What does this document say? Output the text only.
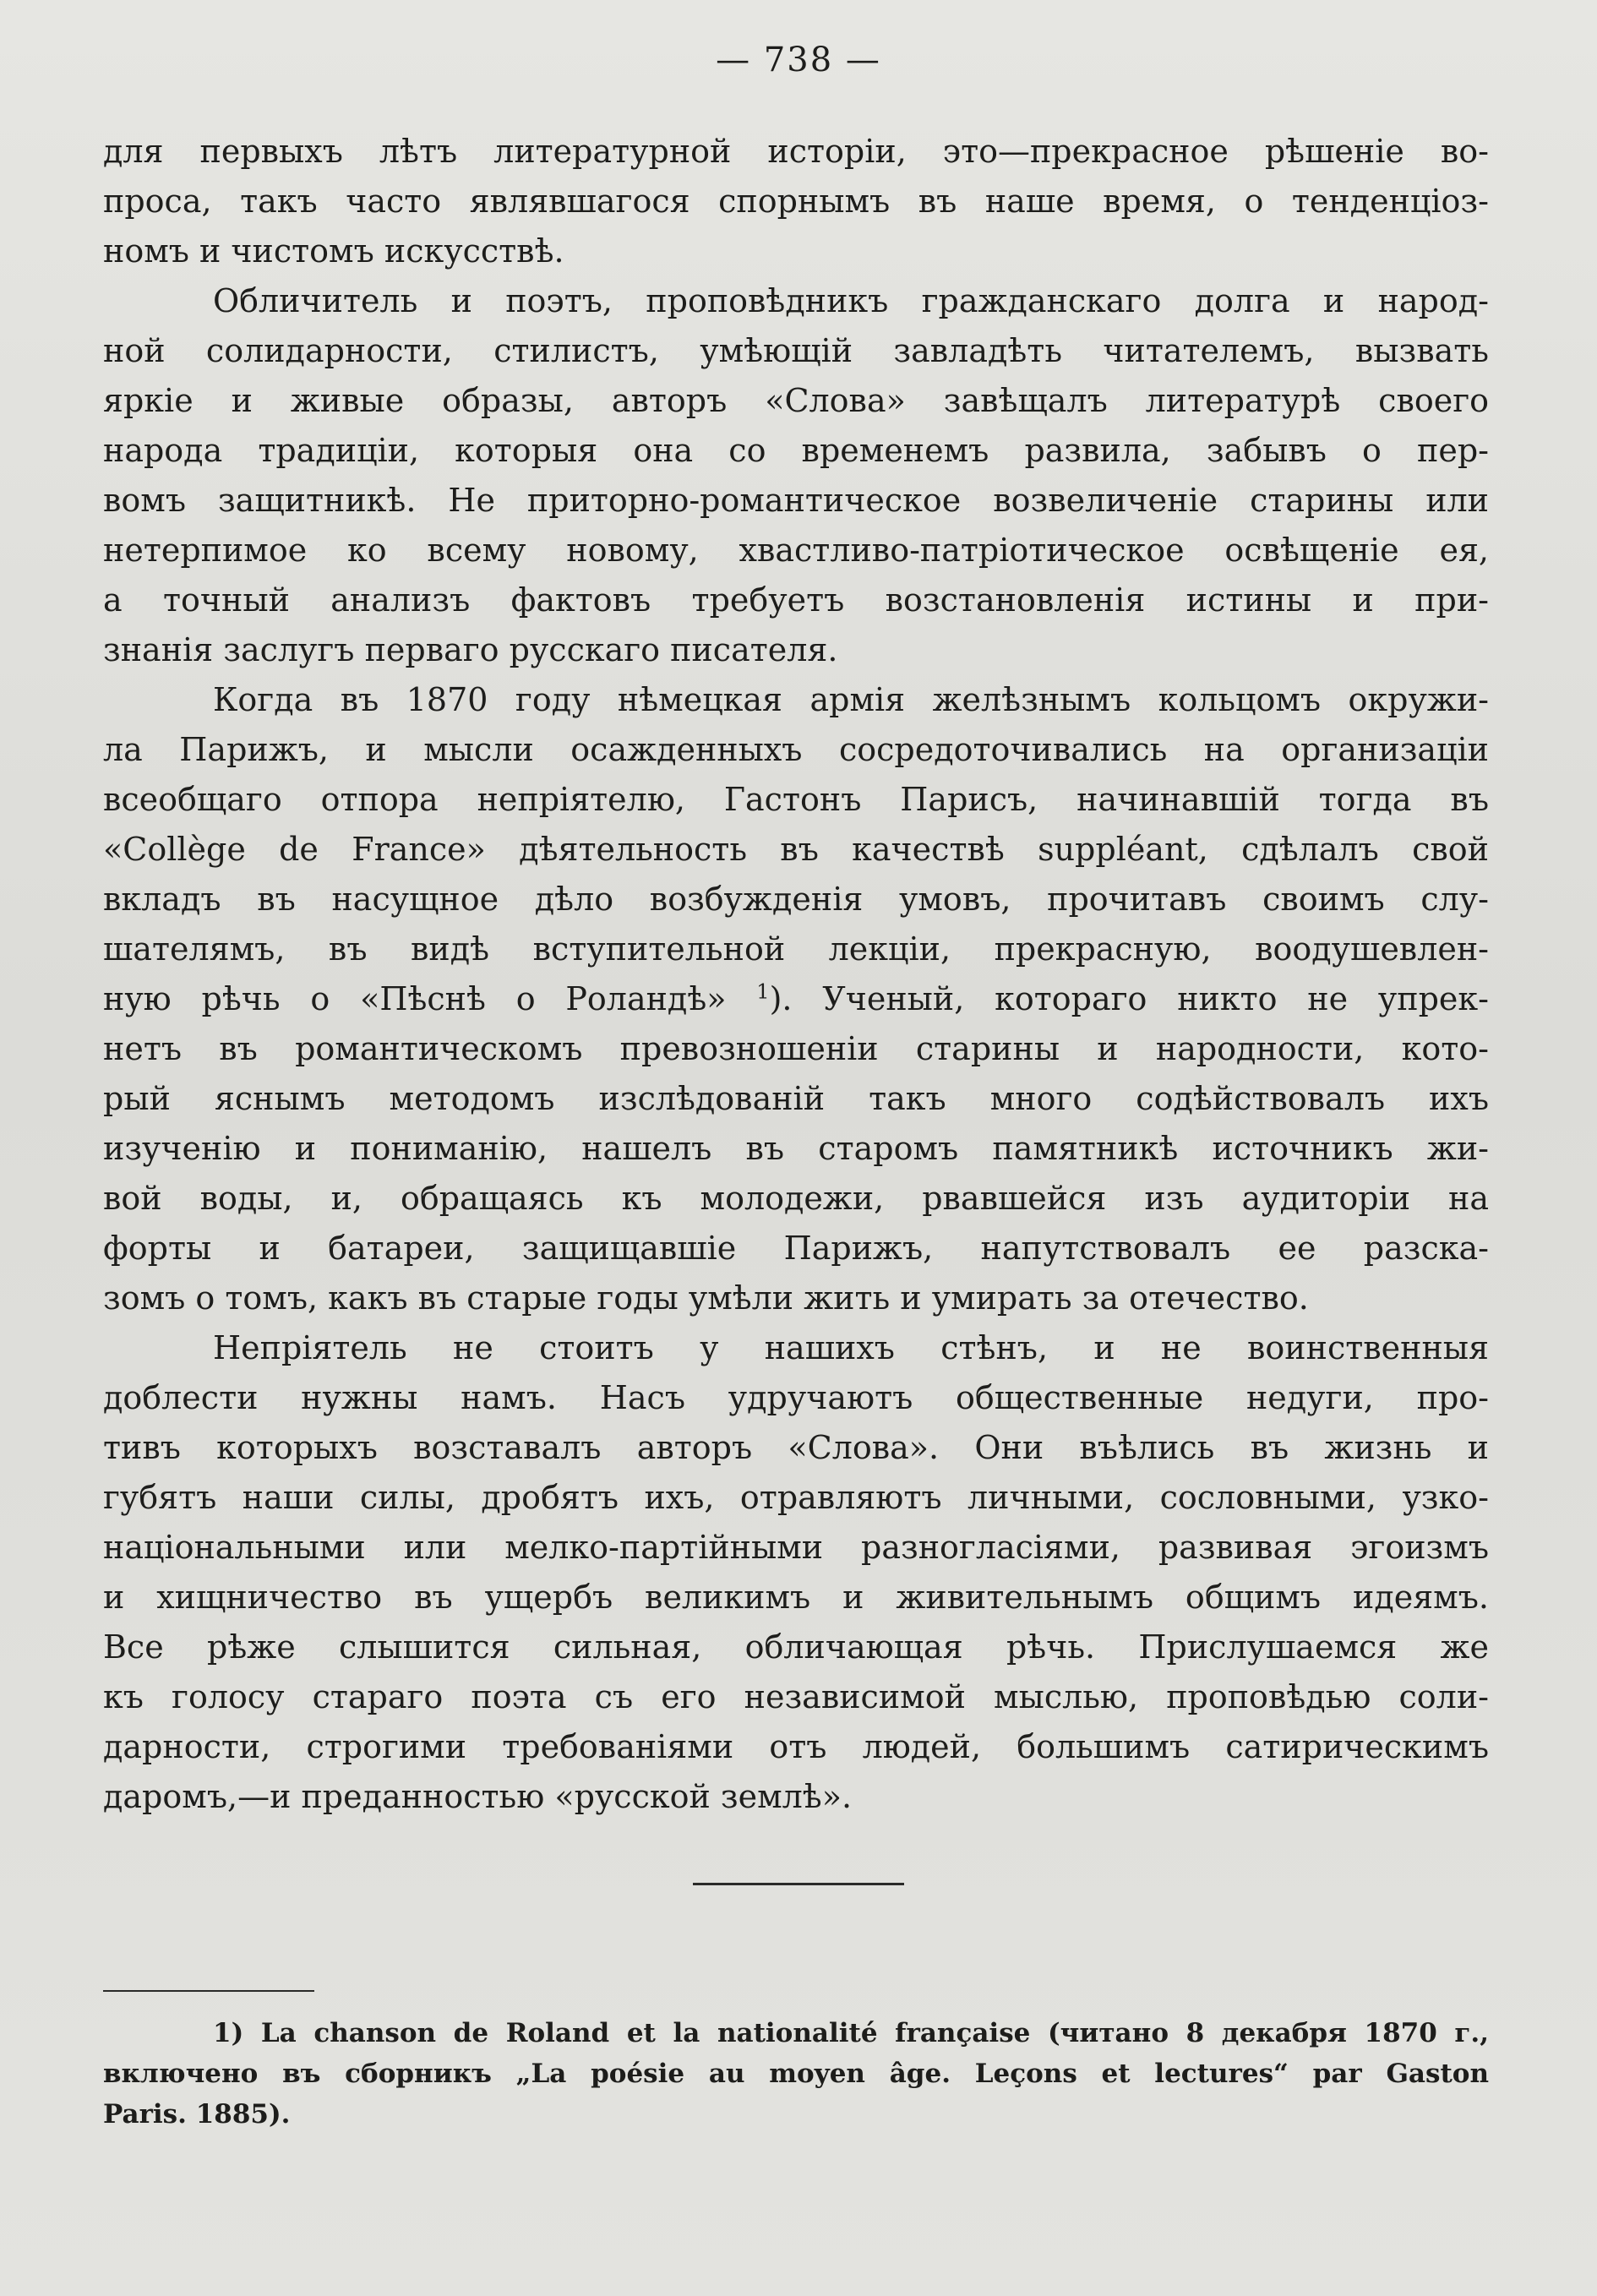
— 738 —
для первыхъ лѣтъ литературной исторіи, это—прекрасное рѣшеніе во-
проса, такъ часто являвшагося спорнымъ въ наше время, о тенденціоз-
номъ и чистомъ искусствѣ.
Обличитель и поэтъ, проповѣдникъ гражданскаго долга и народ-
ной солидарности, стилистъ, умѣющій завладѣть читателемъ, вызвать
яркіе и живые образы, авторъ «Слова» завѣщалъ литературѣ своего
народа традиціи, которыя она со временемъ развила, забывъ о пер-
вомъ защитникѣ. Не приторно-романтическое возвеличеніе старины или
нетерпимое ко всему новому, хвастливо-патріотическое освѣщеніе ея,
а точный анализъ фактовъ требуетъ возстановленія истины и при-
знанія заслугъ перваго русскаго писателя.
Когда въ 1870 году нѣмецкая армія желѣзнымъ кольцомъ окружи-
ла Парижъ, и мысли осажденныхъ сосредоточивались на организаціи
всеобщаго отпора непріятелю, Гастонъ Парисъ, начинавшій тогда въ
«Collège de France» дѣятельность въ качествѣ suppléant, сдѣлалъ свой
вкладъ въ насущное дѣло возбужденія умовъ, прочитавъ своимъ слу-
шателямъ, въ видѣ вступительной лекціи, прекрасную, воодушевлен-
ную рѣчь о «Пѣснѣ о Роландѣ» $^1$). Ученый, котораго никто не упрек-
нетъ въ романтическомъ превозношеніи старины и народности, кото-
рый яснымъ методомъ изслѣдованій такъ много содѣйствовалъ ихъ
изученію и пониманію, нашелъ въ старомъ памятникѣ источникъ жи-
вой воды, и, обращаясь къ молодежи, рвавшейся изъ аудиторіи на
форты и батареи, защищавшіе Парижъ, напутствовалъ ее разска-
зомъ о томъ, какъ въ старые годы умѣли жить и умирать за отечество.
Непріятель не стоитъ у нашихъ стѣнъ, и не воинственныя
доблести нужны намъ. Насъ удручаютъ общественные недуги, про-
тивъ которыхъ возставалъ авторъ «Слова». Они въѣлись въ жизнь и
губятъ наши силы, дробятъ ихъ, отравляютъ личными, сословными, узко-
національными или мелко-партійными разногласіями, развивая эгоизмъ
и хищничество въ ущербъ великимъ и живительнымъ общимъ идеямъ.
Все рѣже слышится сильная, обличающая рѣчь. Прислушаемся же
къ голосу стараго поэта съ его независимой мыслью, проповѣдью соли-
дарности, строгими требованіями отъ людей, большимъ сатирическимъ
даромъ,—и преданностью «русской землѣ».
1) La chanson de Roland et la nationalité française (читано 8 декабря 1870 г.,
включено въ сборникъ „La poésie au moyen âge. Leçons et lectures“ par Gaston
Paris. 1885).
